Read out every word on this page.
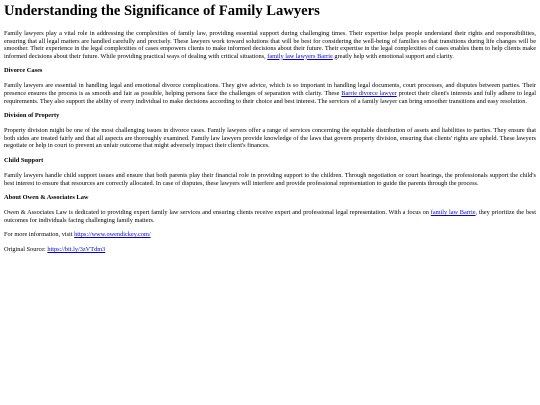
Understanding the Significance of Family Lawyers

Family lawyers play a vital role in addressing the complexities of family law, providing essential support during challenging times. Their expertise helps people understand their rights and responsibilities, ensuring that all legal matters are handled carefully and precisely. These lawyers work toward solutions that will be best for considering the well-being of families so that transitions during life changes will be smoother. Their experience in the legal complexities of cases empowers clients to make informed decisions about their future. Their expertise in the legal complexities of cases enables them to help clients make informed decisions about their future. While providing practical ways of dealing with critical situations, family law lawyers Barrie greatly help with emotional support and clarity.

Divorce Cases

Family lawyers are essential in handling legal and emotional divorce complications. They give advice, which is so important in handling legal documents, court processes, and disputes between parties. Their presence ensures the process is as smooth and fair as possible, helping persons face the challenges of separation with clarity. These Barrie divorce lawyer protect their client's interests and fully adhere to legal requirements. They also support the ability of every individual to make decisions according to their choice and best interest. The services of a family lawyer can bring smoother transitions and easy resolution.

Division of Property

Property division might be one of the most challenging issues in divorce cases. Family lawyers offer a range of services concerning the equitable distribution of assets and liabilities to parties. They ensure that both sides are treated fairly and that all aspects are thoroughly examined. Family law lawyers provide knowledge of the laws that govern property division, ensuring that clients' rights are upheld. These lawyers negotiate or help in court to prevent an unfair outcome that might adversely impact their client's finances.

Child Support

Family lawyers handle child support issues and ensure that both parents play their financial role in providing support to the children. Through negotiation or court hearings, the professionals support the child's best interest to ensure that resources are correctly allocated. In case of disputes, these lawyers will interfere and provide professional representation to guide the parents through the process.

About Owen & Associates Law

Owen & Associates Law is dedicated to providing expert family law services and ensuring clients receive expert and professional legal representation. With a focus on family law Barrie, they prioritize the best outcomes for individuals facing challenging family matters.

For more information, visit https://www.owendickey.com/

Original Source: https://bit.ly/3zVTdm3
